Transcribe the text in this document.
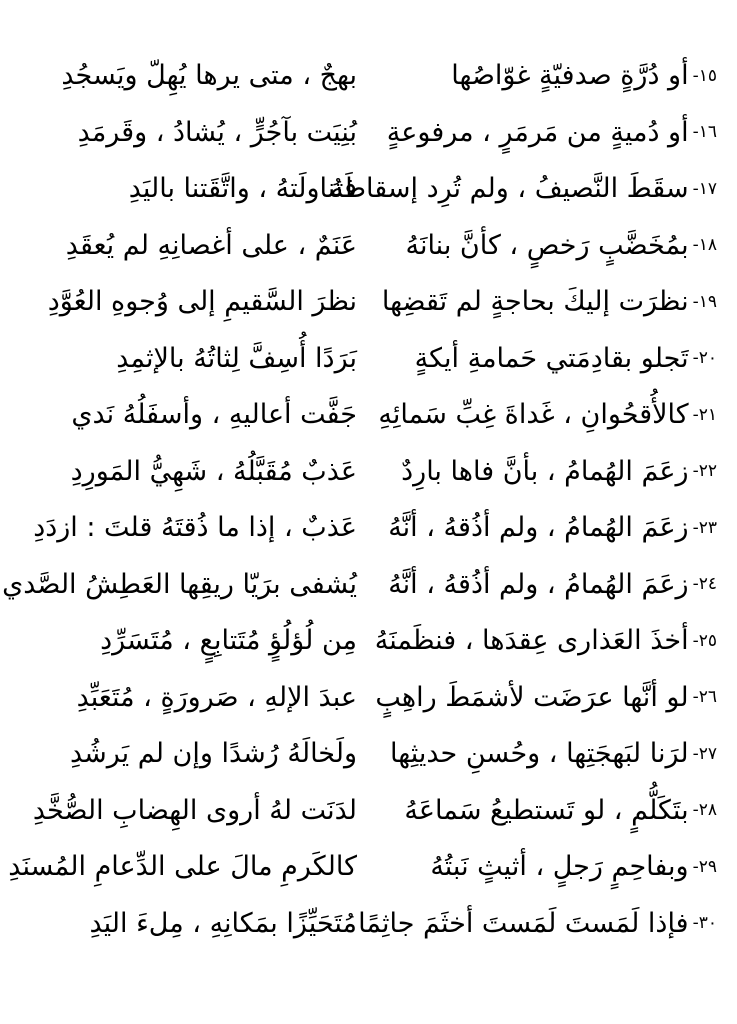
١٥-
أو دُرَّةٍ صدفيّةٍ غوّاصُها
بهجٌ ، متى يرها يُهِلّ ويَسجُدِ
١٦-
أو دُميةٍ من مَرمَرٍ ، مرفوعةٍ
بُنِيَت بآجُرٍّ ، يُشادُ ، وقَرمَدِ
١٧-
سقَطَ النَّصيفُ ، ولم تُرِد إسقاطَهُ
فتناولَتهُ ، واتَّقَتنا باليَدِ
١٨-
بمُخَضَّبٍ رَخصٍ ، كأنَّ بنانَهُ
عَنَمٌ ، على أغصانِهِ لم يُعقَدِ
١٩-
نظرَت إليكَ بحاجةٍ لم تَقضِها
نظرَ السَّقيمِ إلى وُجوهِ العُوَّدِ
٢٠-
تَجلو بقادِمَتي حَمامةِ أيكةٍ
بَرَدًا أُسِفَّ لِثاتُهُ بالإثمِدِ
٢١-
كالأُقحُوانِ ، غَداةَ غِبِّ سَمائِهِ
جَفَّت أعاليهِ ، وأسفَلُهُ نَدي
٢٢-
زعَمَ الهُمامُ ، بأنَّ فاها بارِدٌ
عَذبٌ مُقَبَّلُهُ ، شَهِيُّ المَورِدِ
٢٣-
زعَمَ الهُمامُ ، ولم أذُقهُ ، أنَّهُ
عَذبٌ ، إذا ما ذُقتَهُ قلتَ : ازدَدِ
٢٤-
زعَمَ الهُمامُ ، ولم أذُقهُ ، أنَّهُ
يُشفى برَيّا ريقِها العَطِشُ الصَّدي
٢٥-
أخذَ العَذارى عِقدَها ، فنظَمنَهُ
مِن لُؤلُؤٍ مُتَتابِعٍ ، مُتَسَرِّدِ
٢٦-
لو أنَّها عرَضَت لأشمَطَ راهِبٍ
عبدَ الإلهِ ، صَرورَةٍ ، مُتَعَبِّدِ
٢٧-
لرَنا لبَهجَتِها ، وحُسنِ حديثِها
ولَخالَهُ رُشدًا وإن لم يَرشُدِ
٢٨-
بتَكَلُّمٍ ، لو تَستطيعُ سَماعَهُ
لدَنَت لهُ أروى الهِضابِ الصُّخَّدِ
٢٩-
وبفاحِمٍ رَجلٍ ، أثيثٍ نَبتُهُ
كالكَرمِ مالَ على الدِّعامِ المُسنَدِ
٣٠-
فإذا لَمَستَ لَمَستَ أخثَمَ جاثِمًا
مُتَحَيِّزًا بمَكانِهِ ، مِلءَ اليَدِ
